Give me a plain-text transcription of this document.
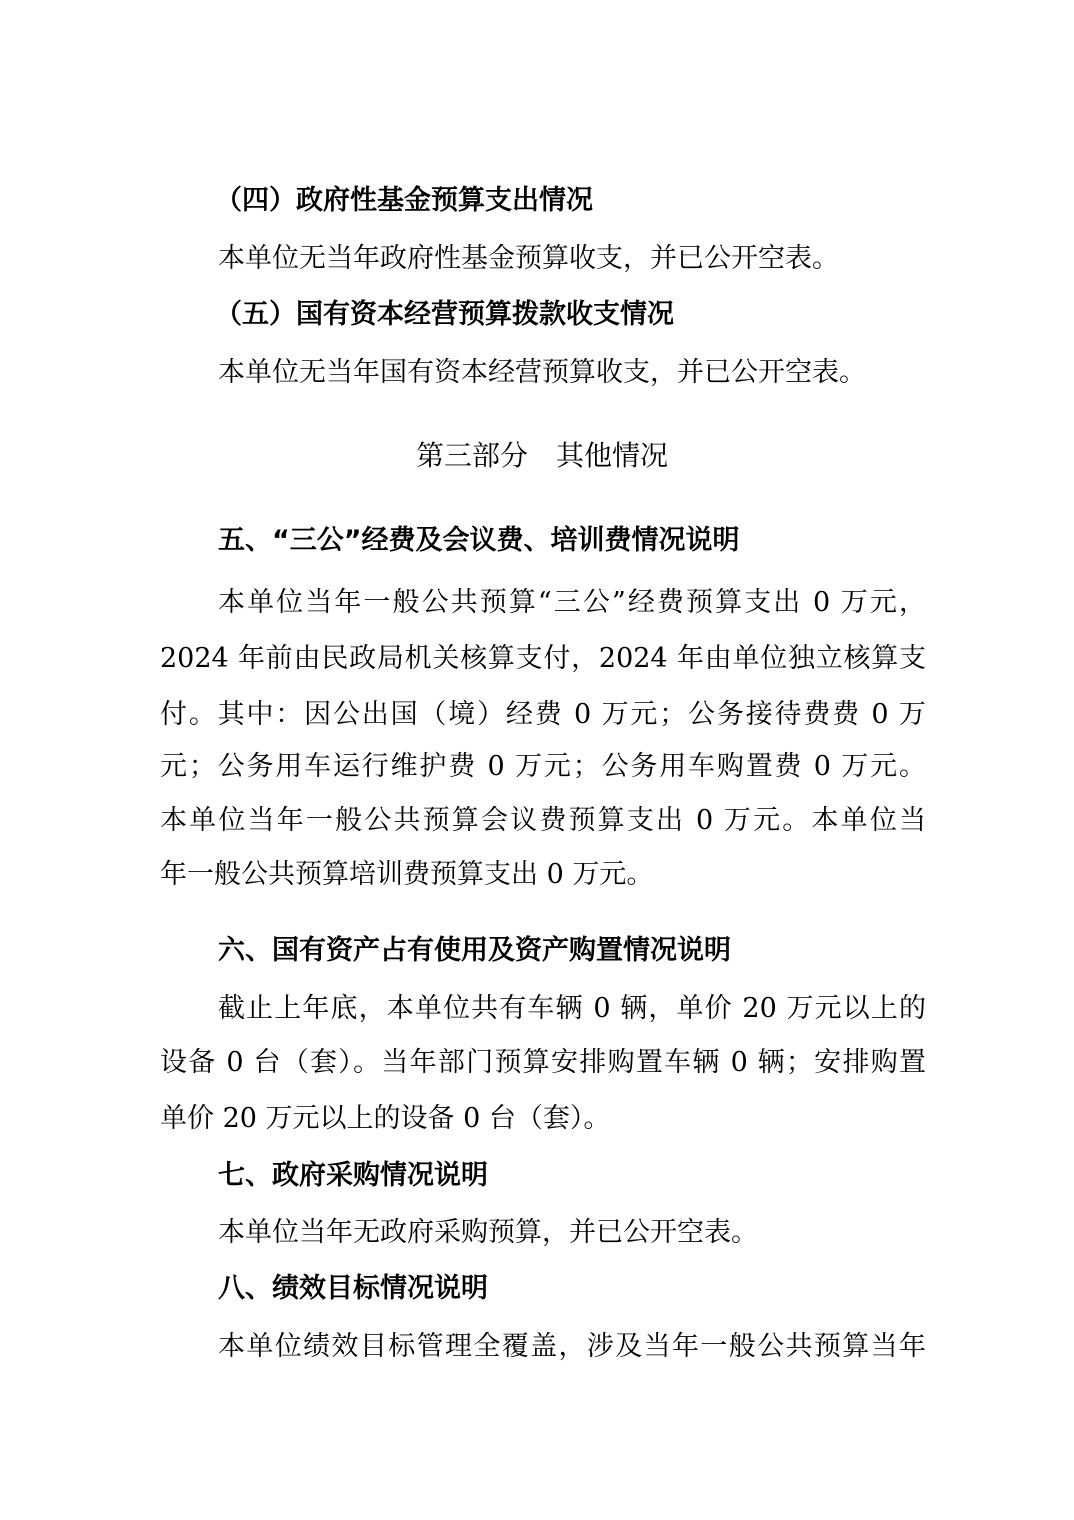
（四）政府性基金预算支出情况
本单位无当年政府性基金预算收支，并已公开空表。
（五）国有资本经营预算拨款收支情况
本单位无当年国有资本经营预算收支，并已公开空表。
第三部分　其他情况
五、“三公”经费及会议费、培训费情况说明
本单位当年一般公共预算“三公”经费预算支出 0 万元，
2024 年前由民政局机关核算支付，2024 年由单位独立核算支
付。其中：因公出国（境）经费 0 万元；公务接待费费 0 万
元；公务用车运行维护费 0 万元；公务用车购置费 0 万元。
本单位当年一般公共预算会议费预算支出 0 万元。本单位当
年一般公共预算培训费预算支出 0 万元。
六、国有资产占有使用及资产购置情况说明
截止上年底，本单位共有车辆 0 辆，单价 20 万元以上的
设备 0 台（套）。当年部门预算安排购置车辆 0 辆；安排购置
单价 20 万元以上的设备 0 台（套）。
七、政府采购情况说明
本单位当年无政府采购预算，并已公开空表。
八、绩效目标情况说明
本单位绩效目标管理全覆盖，涉及当年一般公共预算当年
